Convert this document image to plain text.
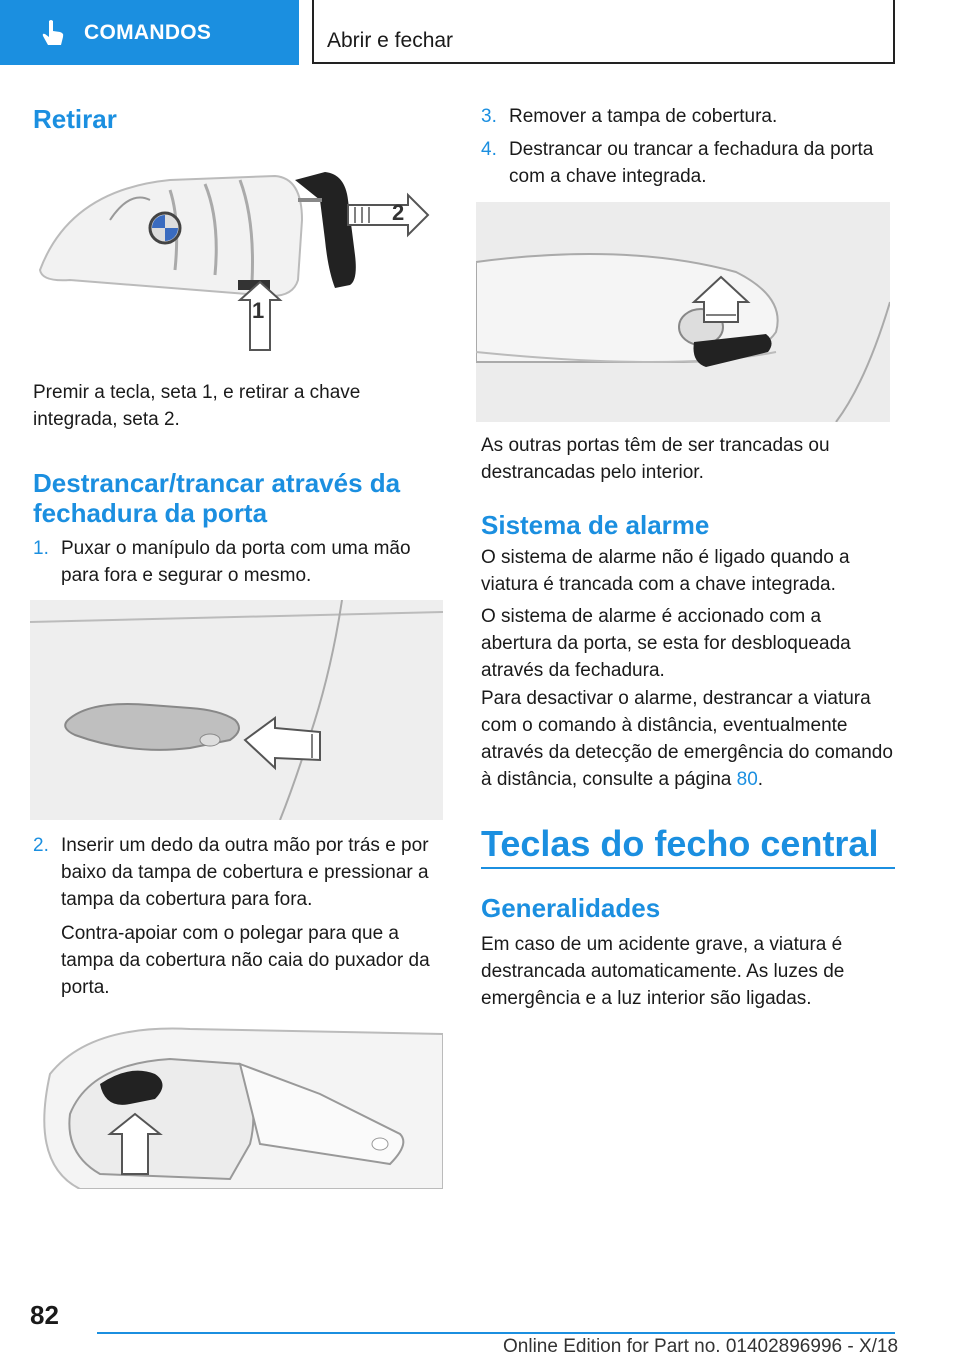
COMANDOS	Abrir e fechar
Retirar
2
1

Premir a tecla, seta 1, e retirar a chave integrada, seta 2.

Destrancar/trancar através da fechadura da porta
1. Puxar o manípulo da porta com uma mão para fora e segurar o mesmo.

2. Inserir um dedo da outra mão por trás e por baixo da tampa de cobertura e pressionar a tampa da cobertura para fora.

Contra-apoiar com o polegar para que a tampa da cobertura não caia do puxador da porta.

3. Remover a tampa de cobertura.

4. Destrancar ou trancar a fechadura da porta com a chave integrada.

As outras portas têm de ser trancadas ou destrancadas pelo interior.

Sistema de alarme

O sistema de alarme não é ligado quando a viatura é trancada com a chave integrada.

O sistema de alarme é accionado com a abertura da porta, se esta for desbloqueada através da fechadura.

Para desactivar o alarme, destrancar a viatura com o comando à distância, eventualmente através da detecção de emergência do comando à distância, consulte a página 80.

Teclas do fecho central
Generalidades

Em caso de um acidente grave, a viatura é destrancada automaticamente. As luzes de emergência e a luz interior são ligadas.

82
Online Edition for Part no. 01402896996 - X/18
